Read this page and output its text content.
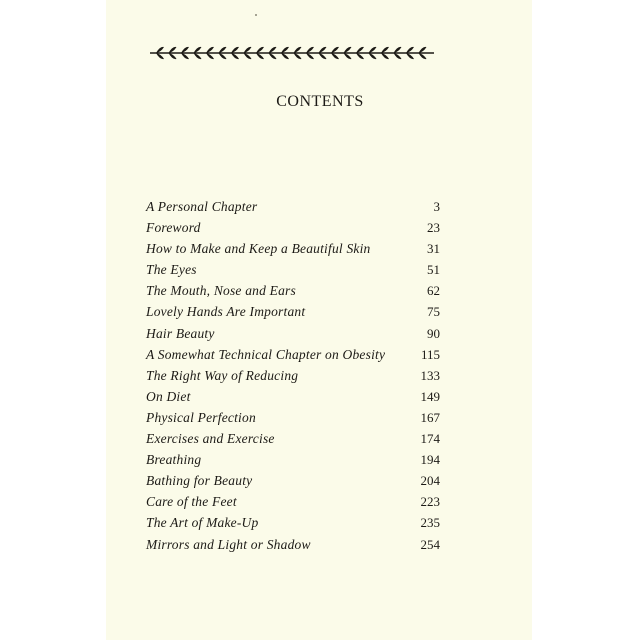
CONTENTS
A Personal Chapter	3
Foreword	23
How to Make and Keep a Beautiful Skin	31
The Eyes	51
The Mouth, Nose and Ears	62
Lovely Hands Are Important	75
Hair Beauty	90
A Somewhat Technical Chapter on Obesity	115
The Right Way of Reducing	133
On Diet	149
Physical Perfection	167
Exercises and Exercise	174
Breathing	194
Bathing for Beauty	204
Care of the Feet	223
The Art of Make-Up	235
Mirrors and Light or Shadow	254
